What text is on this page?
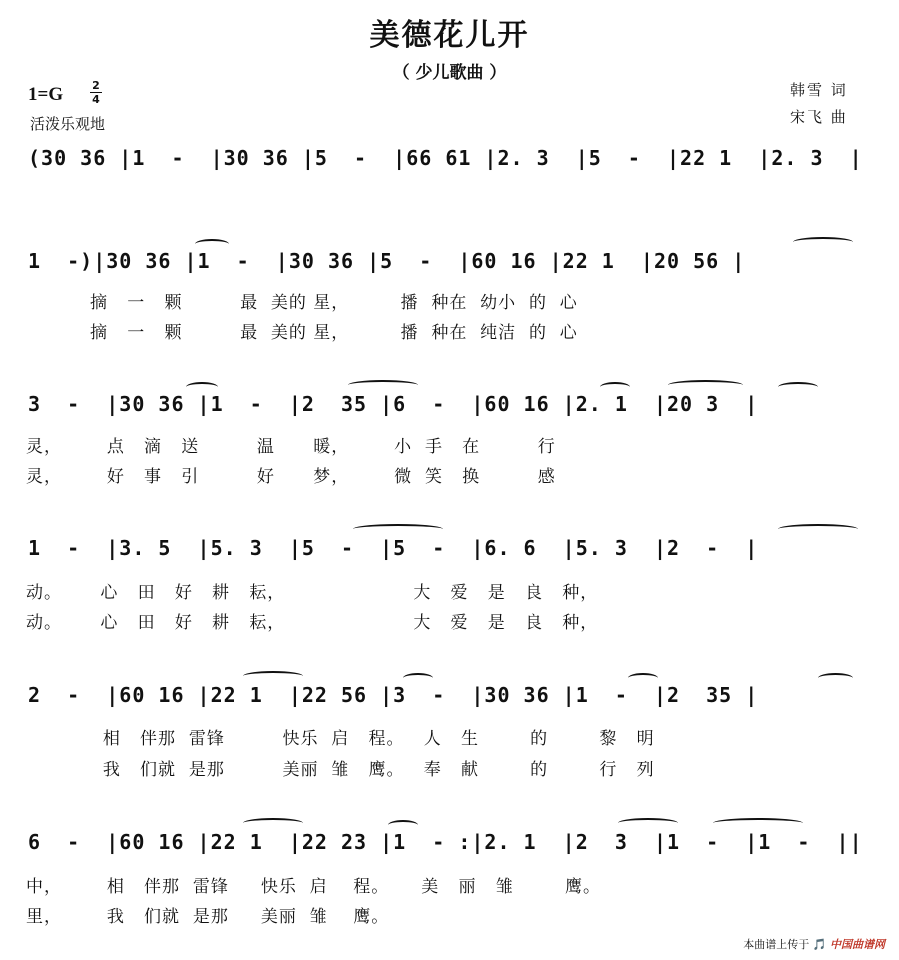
美德花儿开
（ 少儿歌曲 ）
1=G	2
4
活泼乐观地
韩雪 词
宋飞 曲
(30 36 |1  -  |30 36 |5  -  |66 61 |2. 3  |5  -  |22 1  |2. 3  |
1  -)|30 36 |1  -  |30 36 |5  -  |60 16 |22 1  |20 56 |
摘   一   颗         最  美的 星，        播  种在  幼小  的  心
摘   一   颗         最  美的 星，        播  种在  纯洁  的  心
3  -  |30 36 |1  -  |2  35 |6  -  |60 16 |2. 1  |20 3  |
灵，       点   滴   送         温      暖，       小  手   在         行
灵，       好   事   引         好      梦，       微  笑   换         感
1  -  |3. 5  |5. 3  |5  -  |5  -  |6. 6  |5. 3  |2  -  |
动。      心   田   好   耕   耘，                    大   爱   是   良   种，
动。      心   田   好   耕   耘，                    大   爱   是   良   种，
2  -  |60 16 |22 1  |22 56 |3  -  |30 36 |1  -  |2  35 |
相   伴那  雷锋         快乐  启   程。   人   生        的        黎   明
我   们就  是那         美丽  雏   鹰。   奉   献        的        行   列
6  -  |60 16 |22 1  |22 23 |1  - :|2. 1  |2  3  |1  -  |1  -  ||
中，       相   伴那  雷锋     快乐  启    程。     美   丽   雏        鹰。
里，       我   们就  是那     美丽  雏    鹰。
本曲谱上传于 🎵 中国曲谱网
